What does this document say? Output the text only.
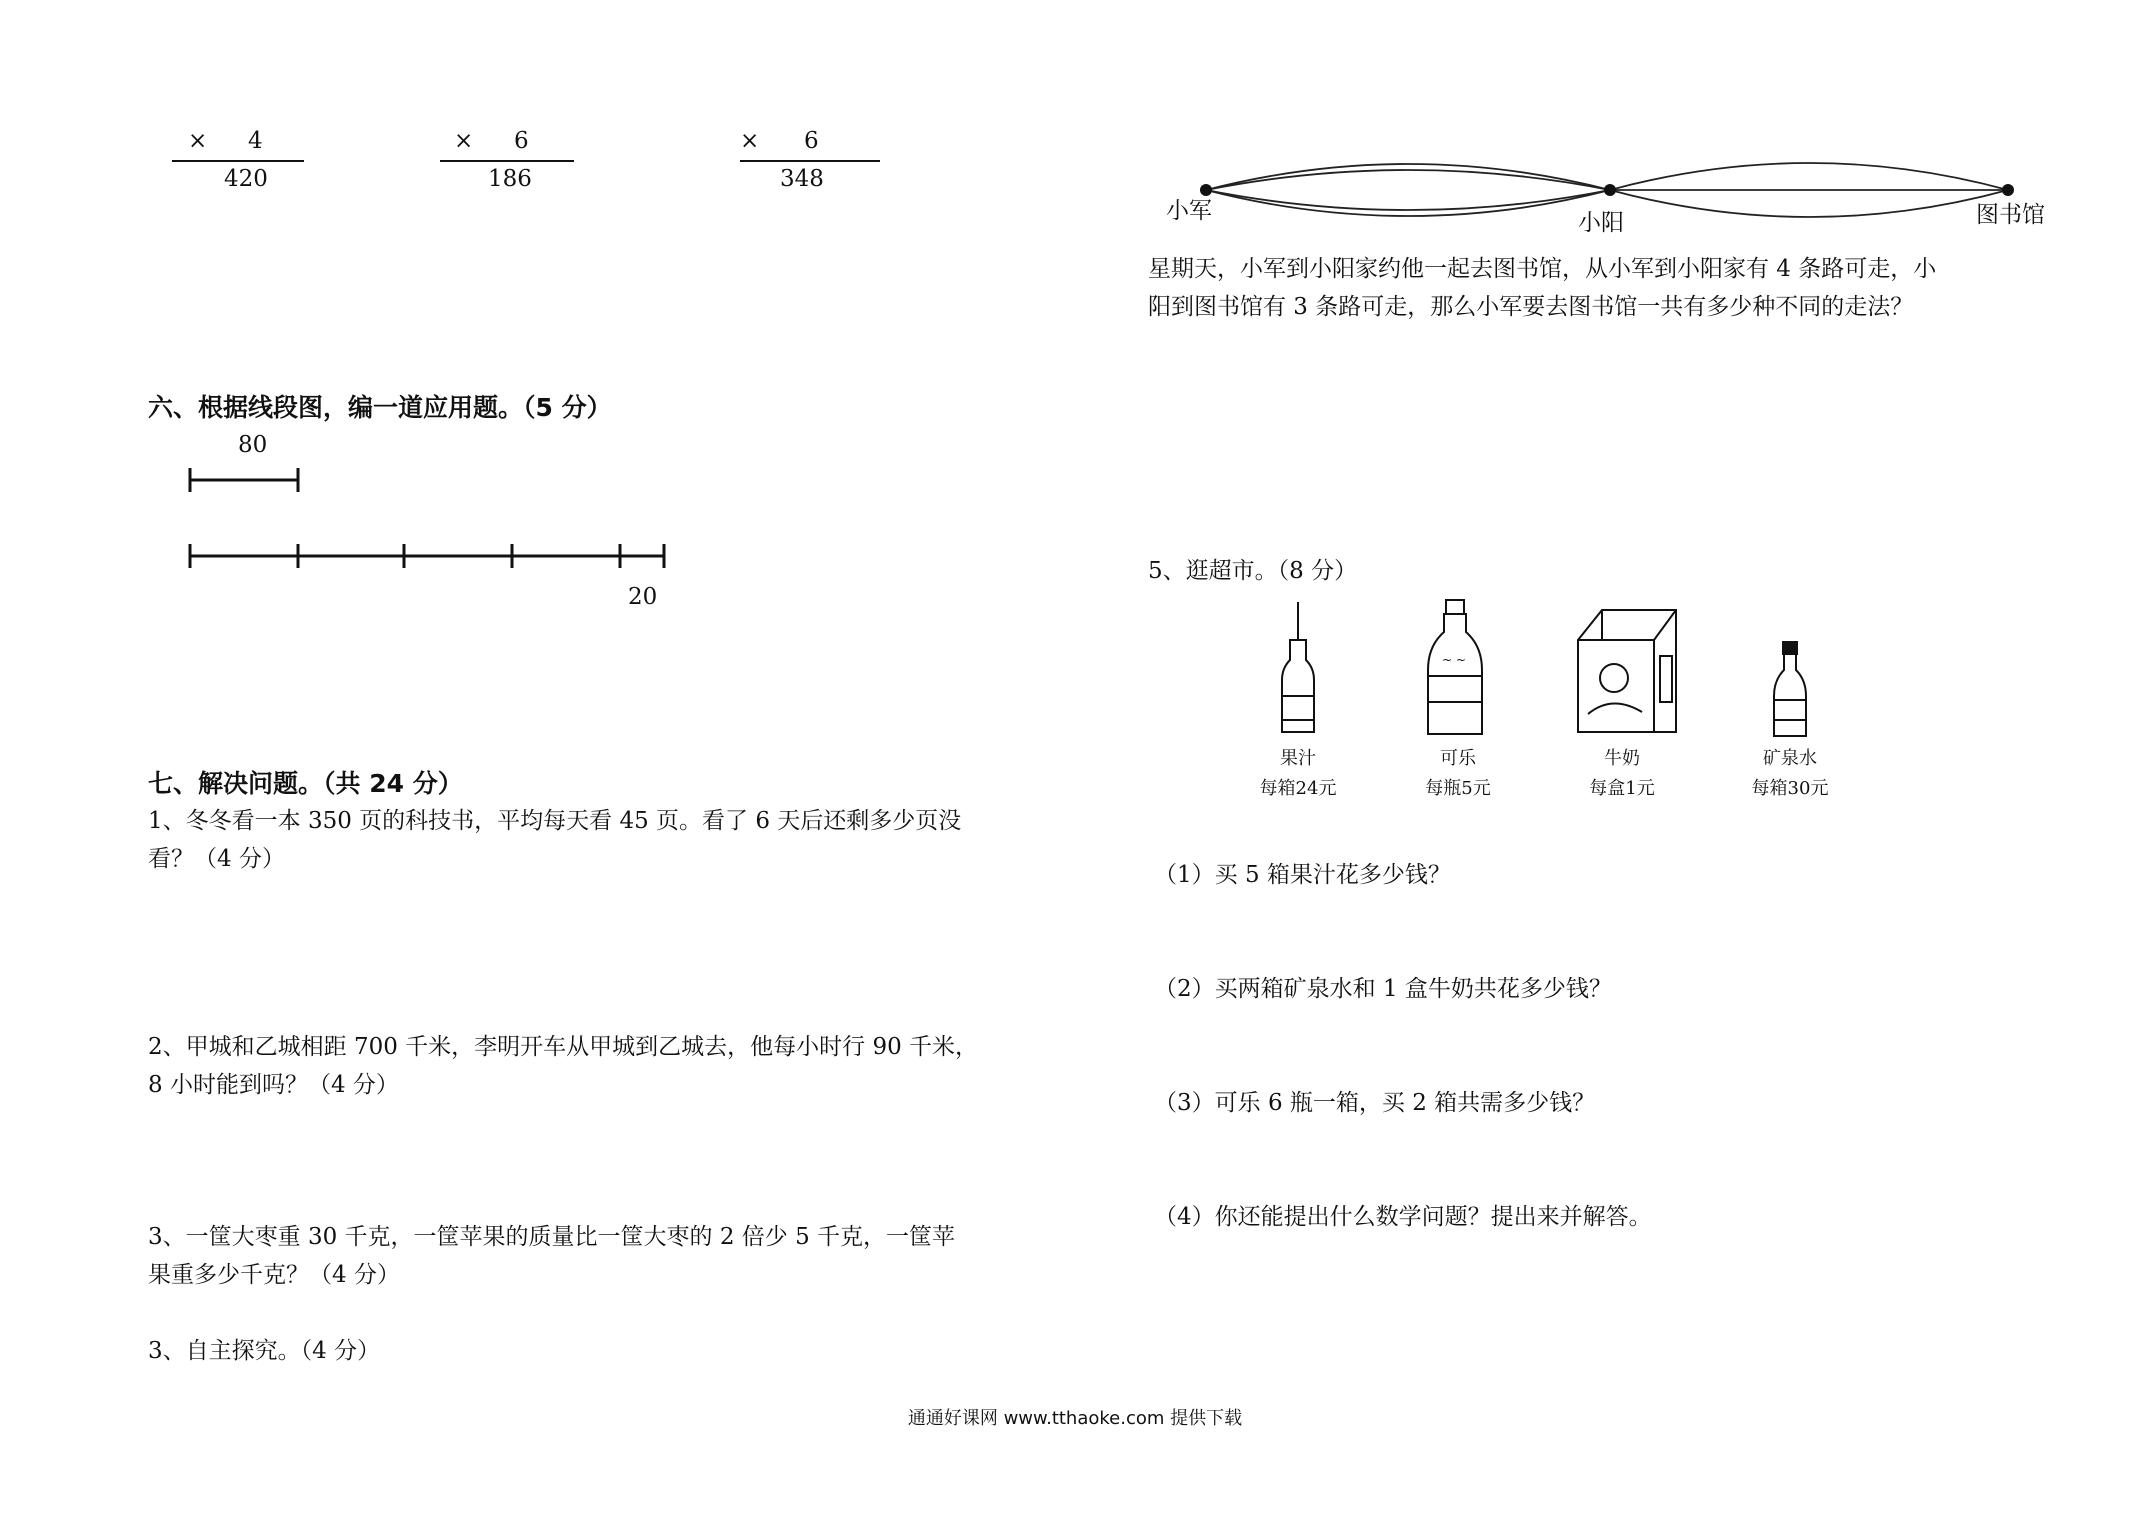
× 4
420
× 6
186
× 6
348
六、根据线段图，编一道应用题。（5 分）
80
20
七、解决问题。（共 24 分）
1、冬冬看一本 350 页的科技书，平均每天看 45 页。看了 6 天后还剩多少页没
看？（4 分）
2、甲城和乙城相距 700 千米，李明开车从甲城到乙城去，他每小时行 90 千米，
8 小时能到吗？（4 分）
3、一筐大枣重 30 千克，一筐苹果的质量比一筐大枣的 2 倍少 5 千克，一筐苹
果重多少千克？（4 分）
3、自主探究。（4 分）
小军	小阳	图书馆
星期天，小军到小阳家约他一起去图书馆，从小军到小阳家有 4 条路可走，小
阳到图书馆有 3 条路可走，那么小军要去图书馆一共有多少种不同的走法？
5、逛超市。（8 分）
果汁
每箱24元
~ ~
可乐
每瓶5元
牛奶
每盒1元
矿泉水
每箱30元
（1）买 5 箱果汁花多少钱？
（2）买两箱矿泉水和 1 盒牛奶共花多少钱？
（3）可乐 6 瓶一箱，买 2 箱共需多少钱？
（4）你还能提出什么数学问题？提出来并解答。
通通好课网 www.tthaoke.com 提供下载
